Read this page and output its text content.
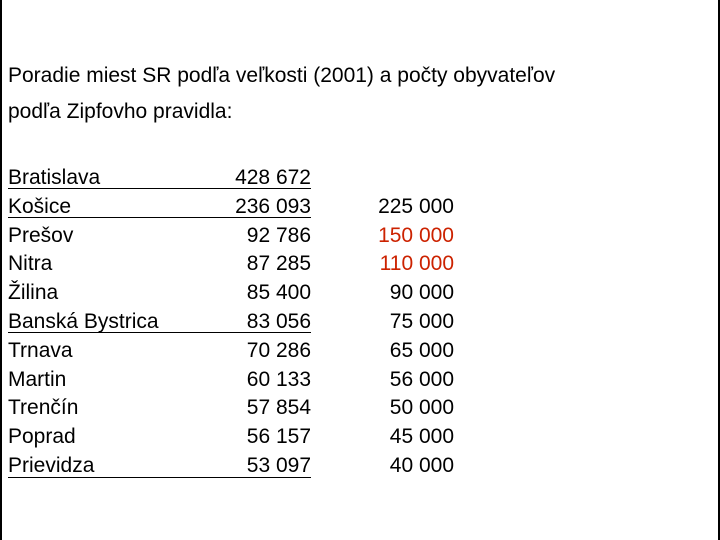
Poradie miest SR podľa veľkosti (2001) a počty obyvateľov
podľa Zipfovho pravidla:
Bratislava
Košice
Prešov
Nitra
Žilina
Banská Bystrica
Trnava
Martin
Trenčín
Poprad
Prievidza
428 672
236 093
92 786
87 285
85 400
83 056
70 286
60 133
57 854
56 157
53 097
225 000
150 000
110 000
90 000
75 000
65 000
56 000
50 000
45 000
40 000
